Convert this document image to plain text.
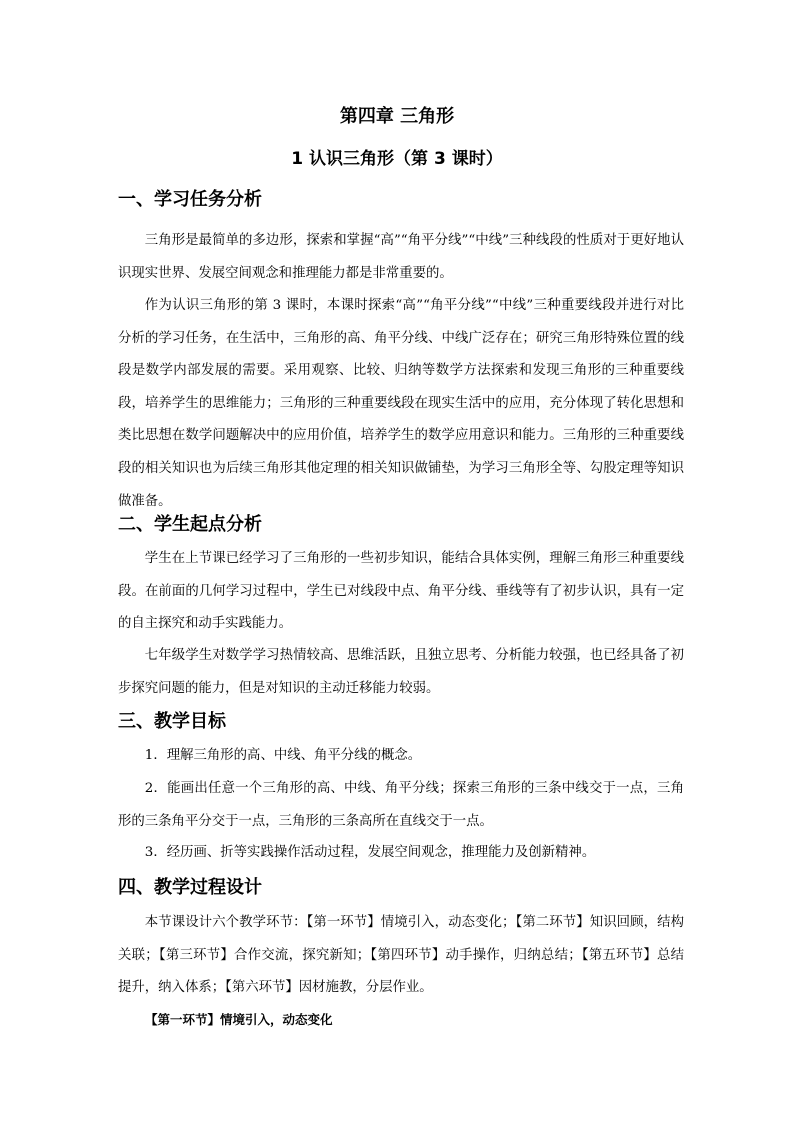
第四章 三角形
1 认识三角形（第 3 课时）
一、学习任务分析

三角形是最简单的多边形，探索和掌握“高”“角平分线”“中线”三种线段的性质对于更好地认识现实世界、发展空间观念和推理能力都是非常重要的。

作为认识三角形的第 3 课时，本课时探索“高”“角平分线”“中线”三种重要线段并进行对比分析的学习任务，在生活中，三角形的高、角平分线、中线广泛存在；研究三角形特殊位置的线段是数学内部发展的需要。采用观察、比较、归纳等数学方法探索和发现三角形的三种重要线段，培养学生的思维能力；三角形的三种重要线段在现实生活中的应用，充分体现了转化思想和类比思想在数学问题解决中的应用价值，培养学生的数学应用意识和能力。三角形的三种重要线段的相关知识也为后续三角形其他定理的相关知识做铺垫，为学习三角形全等、勾股定理等知识做准备。

二、学生起点分析

学生在上节课已经学习了三角形的一些初步知识，能结合具体实例，理解三角形三种重要线段。在前面的几何学习过程中，学生已对线段中点、角平分线、垂线等有了初步认识，具有一定的自主探究和动手实践能力。

七年级学生对数学学习热情较高、思维活跃，且独立思考、分析能力较强，也已经具备了初步探究问题的能力，但是对知识的主动迁移能力较弱。

三、教学目标

1．理解三角形的高、中线、角平分线的概念。

2．能画出任意一个三角形的高、中线、角平分线；探索三角形的三条中线交于一点，三角形的三条角平分交于一点，三角形的三条高所在直线交于一点。

3．经历画、折等实践操作活动过程，发展空间观念，推理能力及创新精神。

四、教学过程设计

本节课设计六个教学环节：【第一环节】情境引入，动态变化；【第二环节】知识回顾，结构关联；【第三环节】合作交流，探究新知；【第四环节】动手操作，归纳总结；【第五环节】总结提升，纳入体系；【第六环节】因材施教，分层作业。

【第一环节】情境引入，动态变化
